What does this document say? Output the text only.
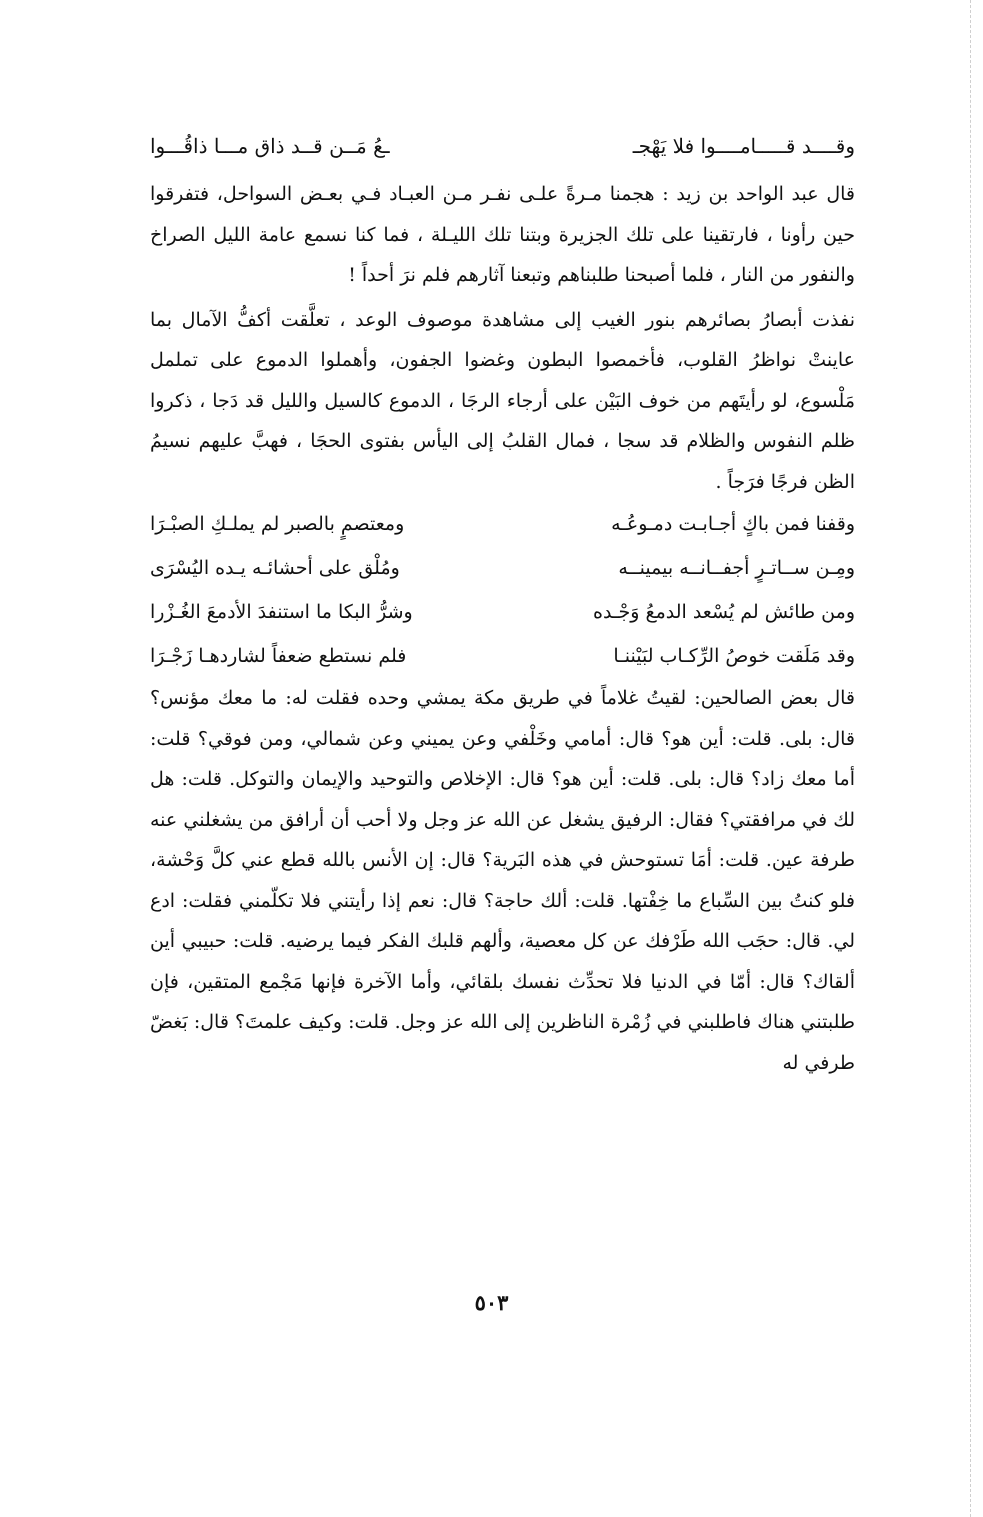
وقــــد قـــــامــــوا فلا يَهْجـ
ـعُ مَــن قــد ذاق مـــا ذاقُـــوا

قال عبد الواحد بن زيد : هجمنا مـرةً علـى نفـر مـن العبـاد فـي بعـض السواحل، فتفرقوا حين رأونا ، فارتقينا على تلك الجزيرة وبتنا تلك الليـلة ، فما كنا نسمع عامة الليل الصراخ والنفور من النار ، فلما أصبحنا طلبناهم وتبعنا آثارهم فلم نرَ أحداً !

نفذت أبصارُ بصائرهم بنور الغيب إلى مشاهدة موصوف الوعد ، تعلَّقت أكفُّ الآمال بما عاينتْ نواظرُ القلوب، فأخمصوا البطون وغضوا الجفون، وأهملوا الدموع على تململ مَلْسوع، لو رأيتَهم من خوف البَيْن على أرجاء الرجَا ، الدموع كالسيل والليل قد دَجا ، ذكروا ظلم النفوس والظلام قد سجا ، فمال القلبُ إلى اليأس بفتوى الحجَا ، فهبَّ عليهم نسيمُ الظن فرجًا فرَجاً .

وقفنا فمن باكٍ أجـابـت دمـوعُـه
ومعتصمٍ بالصبر لم يملـكِ الصبْـرَا
ومِـن ســاتـرٍ أجفــانــه بيمينــه
ومُلْق على أحشائـه يـده اليُسْرَى
ومن طائش لم يُسْعد الدمعُ وَجْـده
وشرُّ البكا ما استنفدَ الأدمعَ الغُـزْرا
وقد مَلَقت خوصُ الرِّكـاب لبَيْننـا
فلم نستطع ضعفاً لشاردهـا زَجْـرَا

قال بعض الصالحين: لقيتُ غلاماً في طريق مكة يمشي وحده فقلت له: ما معك مؤنس؟ قال: بلى. قلت: أين هو؟ قال: أمامي وخَلْفي وعن يميني وعن شمالي، ومن فوقي؟ قلت: أما معك زاد؟ قال: بلى. قلت: أين هو؟ قال: الإخلاص والتوحيد والإيمان والتوكل. قلت: هل لك في مرافقتي؟ فقال: الرفيق يشغل عن الله عز وجل ولا أحب أن أرافق من يشغلني عنه طرفة عين. قلت: أمَا تستوحش في هذه البَرية؟ قال: إن الأنس بالله قطع عني كلَّ وَحْشة، فلو كنتُ بين السِّباع ما خِفْتها. قلت: ألك حاجة؟ قال: نعم إذا رأيتني فلا تكلّمني فقلت: ادع لي. قال: حجَب الله طَرْفك عن كل معصية، وألهم قلبك الفكر فيما يرضيه. قلت: حبيبي أين ألقاك؟ قال: أمّا في الدنيا فلا تحدِّث نفسك بلقائي، وأما الآخرة فإنها مَجْمع المتقين، فإن طلبتني هناك فاطلبني في زُمْرة الناظرين إلى الله عز وجل. قلت: وكيف علمتَ؟ قال: بَغضّ طرفي له

٥٠٣
